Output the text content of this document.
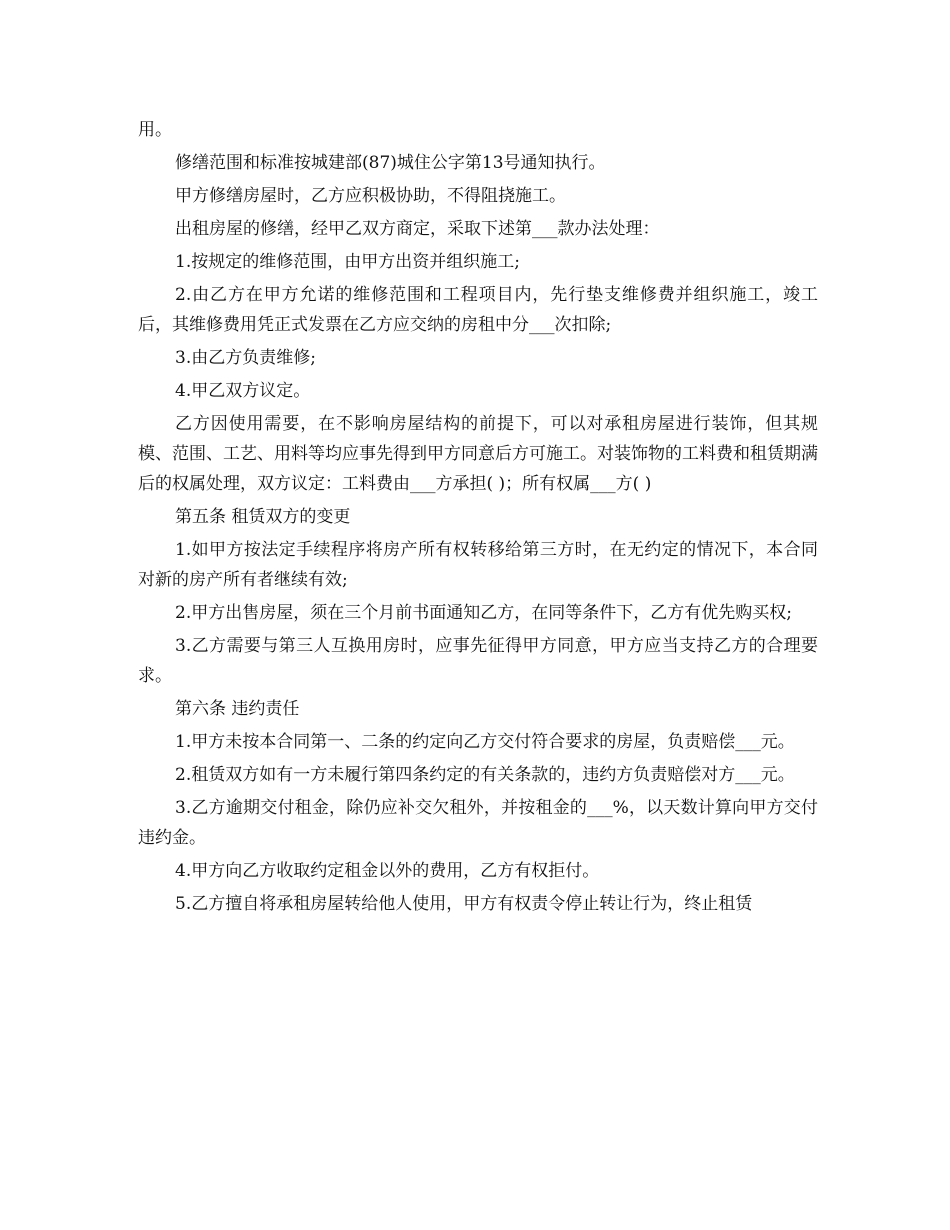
用。

修缮范围和标准按城建部(87)城住公字第13号通知执行。

甲方修缮房屋时，乙方应积极协助，不得阻挠施工。

出租房屋的修缮，经甲乙双方商定，采取下述第___款办法处理：

1.按规定的维修范围，由甲方出资并组织施工;

2.由乙方在甲方允诺的维修范围和工程项目内，先行垫支维修费并组织施工，竣工后，其维修费用凭正式发票在乙方应交纳的房租中分___次扣除;

3.由乙方负责维修;

4.甲乙双方议定。

乙方因使用需要，在不影响房屋结构的前提下，可以对承租房屋进行装饰，但其规模、范围、工艺、用料等均应事先得到甲方同意后方可施工。对装饰物的工料费和租赁期满后的权属处理，双方议定：工料费由___方承担( )；所有权属___方( )

第五条 租赁双方的变更

1.如甲方按法定手续程序将房产所有权转移给第三方时，在无约定的情况下，本合同对新的房产所有者继续有效;

2.甲方出售房屋，须在三个月前书面通知乙方，在同等条件下，乙方有优先购买权;

3.乙方需要与第三人互换用房时，应事先征得甲方同意，甲方应当支持乙方的合理要求。

第六条 违约责任

1.甲方未按本合同第一、二条的约定向乙方交付符合要求的房屋，负责赔偿___元。

2.租赁双方如有一方未履行第四条约定的有关条款的，违约方负责赔偿对方___元。

3.乙方逾期交付租金，除仍应补交欠租外，并按租金的___%，以天数计算向甲方交付违约金。

4.甲方向乙方收取约定租金以外的费用，乙方有权拒付。

5.乙方擅自将承租房屋转给他人使用，甲方有权责令停止转让行为，终止租赁
